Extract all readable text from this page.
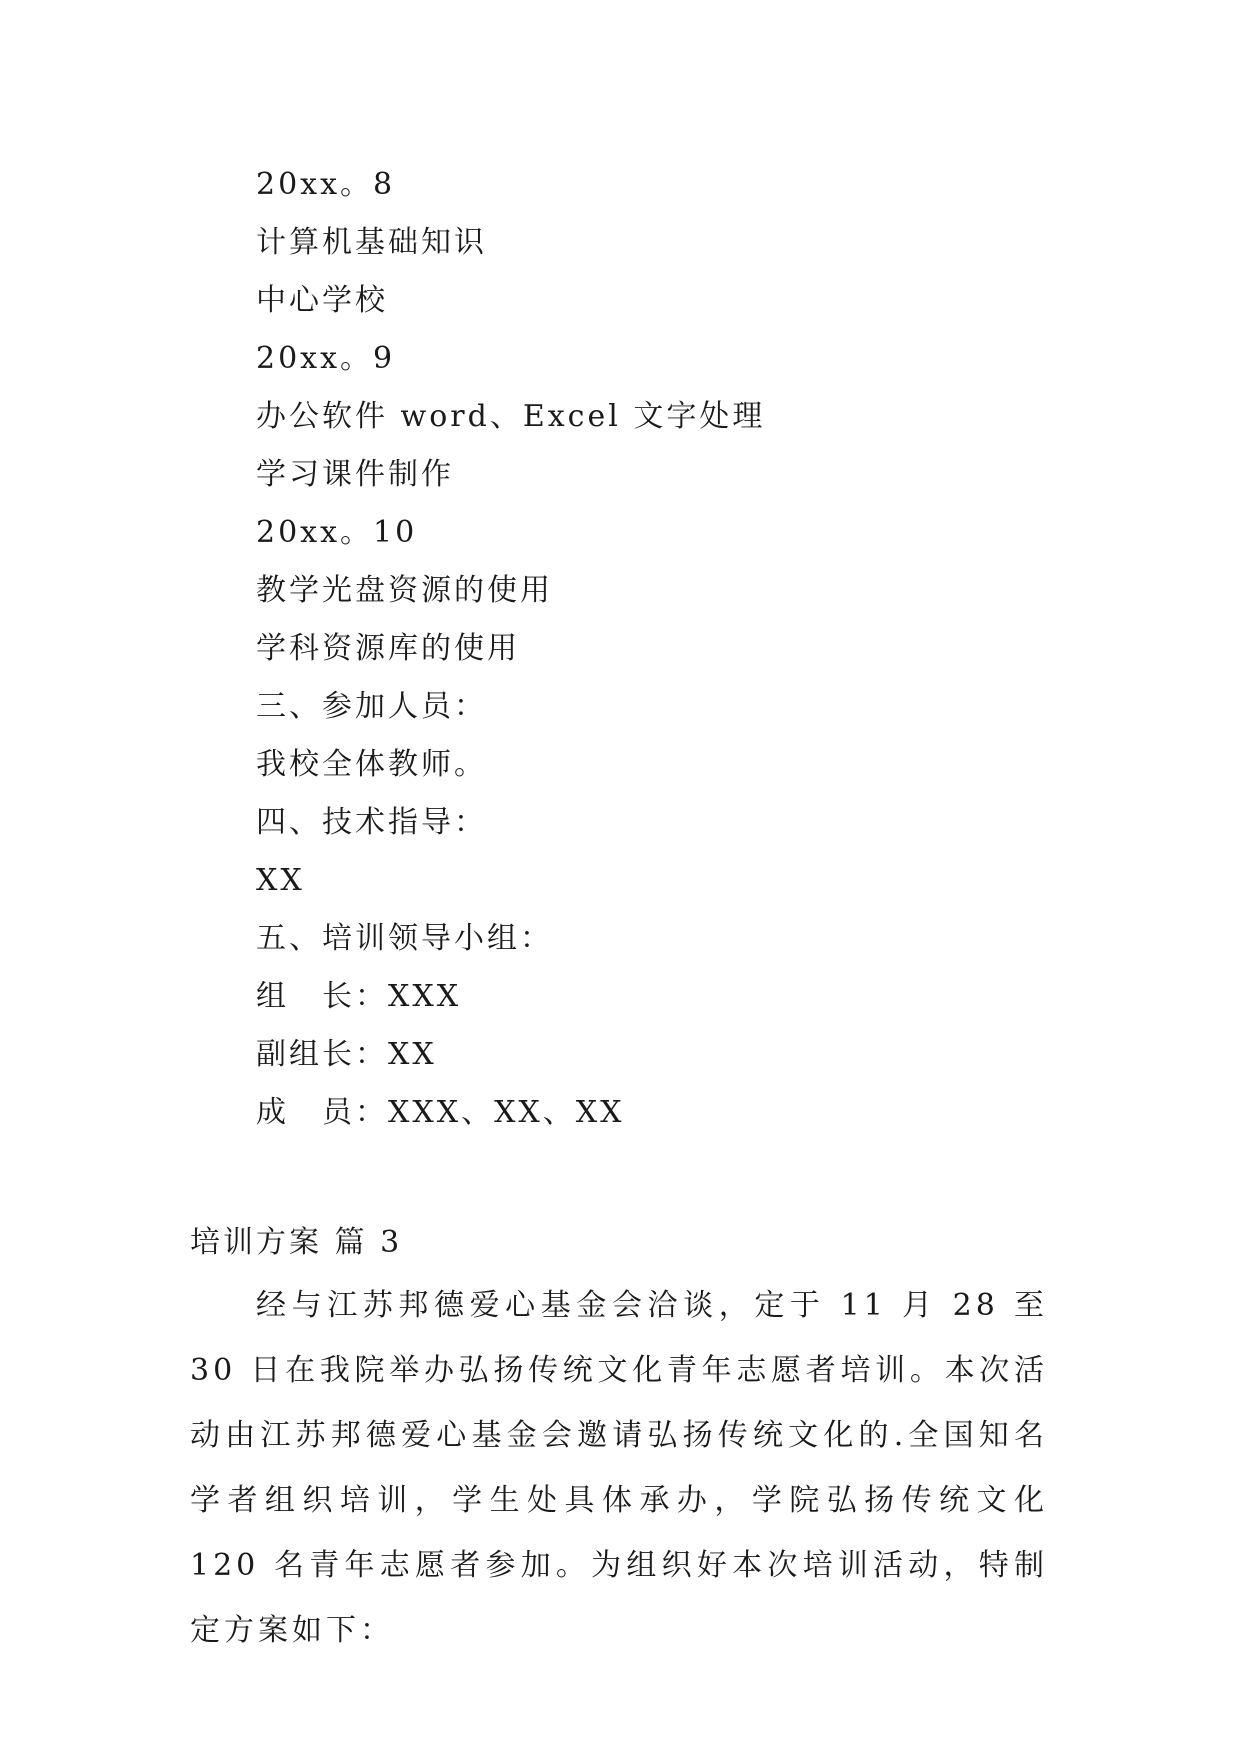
20xx。8
计算机基础知识
中心学校
20xx。9
办公软件 word、Excel 文字处理
学习课件制作
20xx。10
教学光盘资源的使用
学科资源库的使用
三、参加人员：
我校全体教师。
四、技术指导：
XX
五、培训领导小组：
组　长：XXX
副组长：XX
成　员：XXX、XX、XX
培训方案 篇 3

经与江苏邦德爱心基金会洽谈，定于 11 月 28 至 30 日在我院举办弘扬传统文化青年志愿者培训。本次活动由江苏邦德爱心基金会邀请弘扬传统文化的.全国知名学者组织培训，学生处具体承办，学院弘扬传统文化 120 名青年志愿者参加。为组织好本次培训活动，特制定方案如下：
